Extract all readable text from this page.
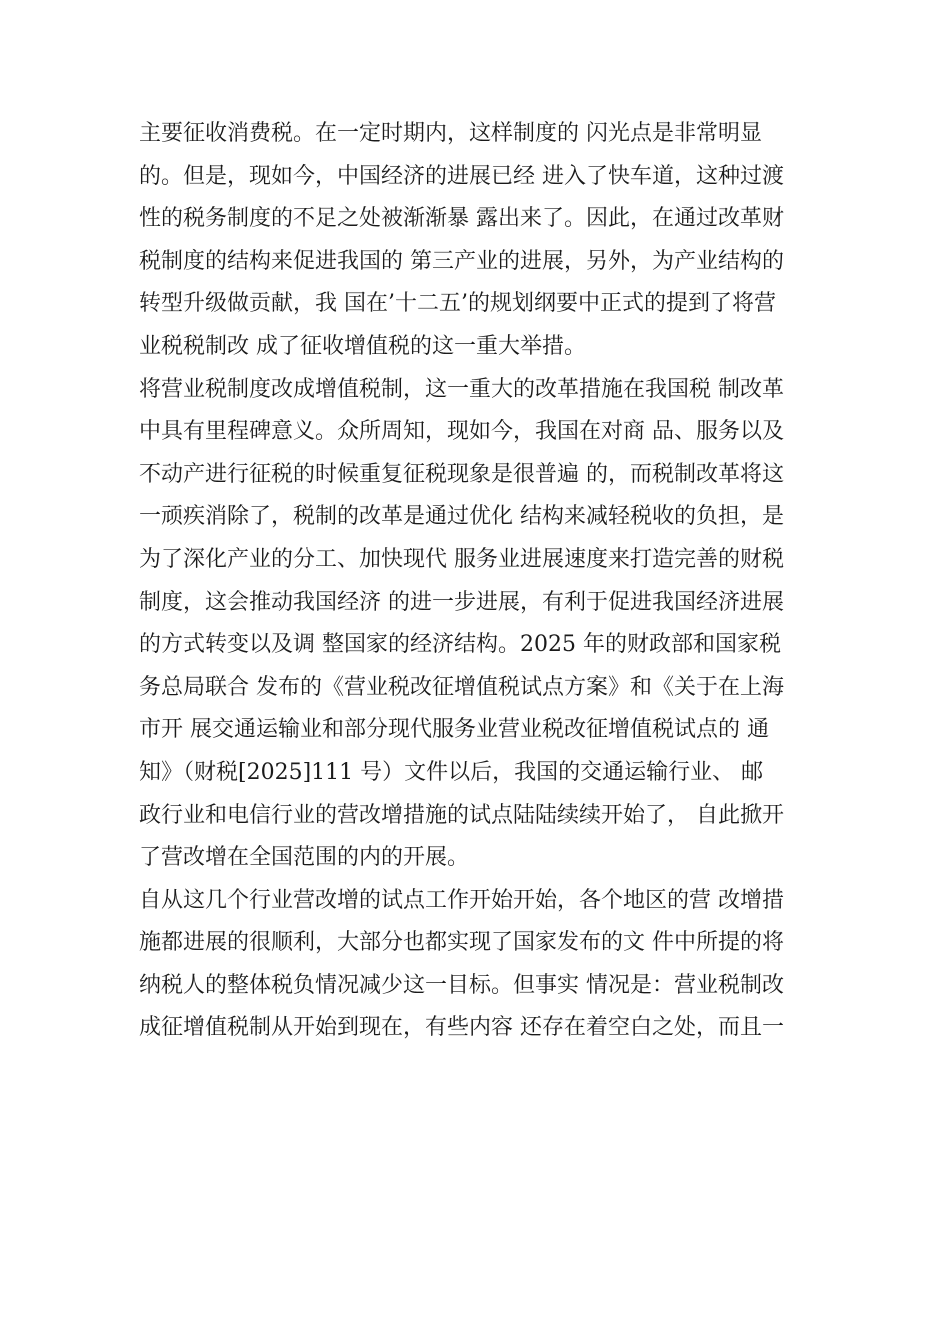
主要征收消费税。在一定时期内，这样制度的 闪光点是非常明显
的。但是，现如今，中国经济的进展已经 进入了快车道，这种过渡
性的税务制度的不足之处被渐渐暴 露出来了。因此，在通过改革财
税制度的结构来促进我国的 第三产业的进展，另外，为产业结构的
转型升级做贡献，我 国在’十二五’的规划纲要中正式的提到了将营
业税税制改 成了征收增值税的这一重大举措。
将营业税制度改成增值税制，这一重大的改革措施在我国税 制改革
中具有里程碑意义。众所周知，现如今，我国在对商 品、服务以及
不动产进行征税的时候重复征税现象是很普遍 的，而税制改革将这
一顽疾消除了，税制的改革是通过优化 结构来减轻税收的负担，是
为了深化产业的分工、加快现代 服务业进展速度来打造完善的财税
制度，这会推动我国经济 的进一步进展，有利于促进我国经济进展
的方式转变以及调 整国家的经济结构。2025 年的财政部和国家税
务总局联合 发布的《营业税改征增值税试点方案》和《关于在上海
市开 展交通运输业和部分现代服务业营业税改征增值税试点的 通
知》（财税[2025]111 号）文件以后，我国的交通运输行业、 邮
政行业和电信行业的营改增措施的试点陆陆续续开始了， 自此掀开
了营改增在全国范围的内的开展。
自从这几个行业营改增的试点工作开始开始，各个地区的营 改增措
施都进展的很顺利，大部分也都实现了国家发布的文 件中所提的将
纳税人的整体税负情况减少这一目标。但事实 情况是：营业税制改
成征增值税制从开始到现在，有些内容 还存在着空白之处，而且一
